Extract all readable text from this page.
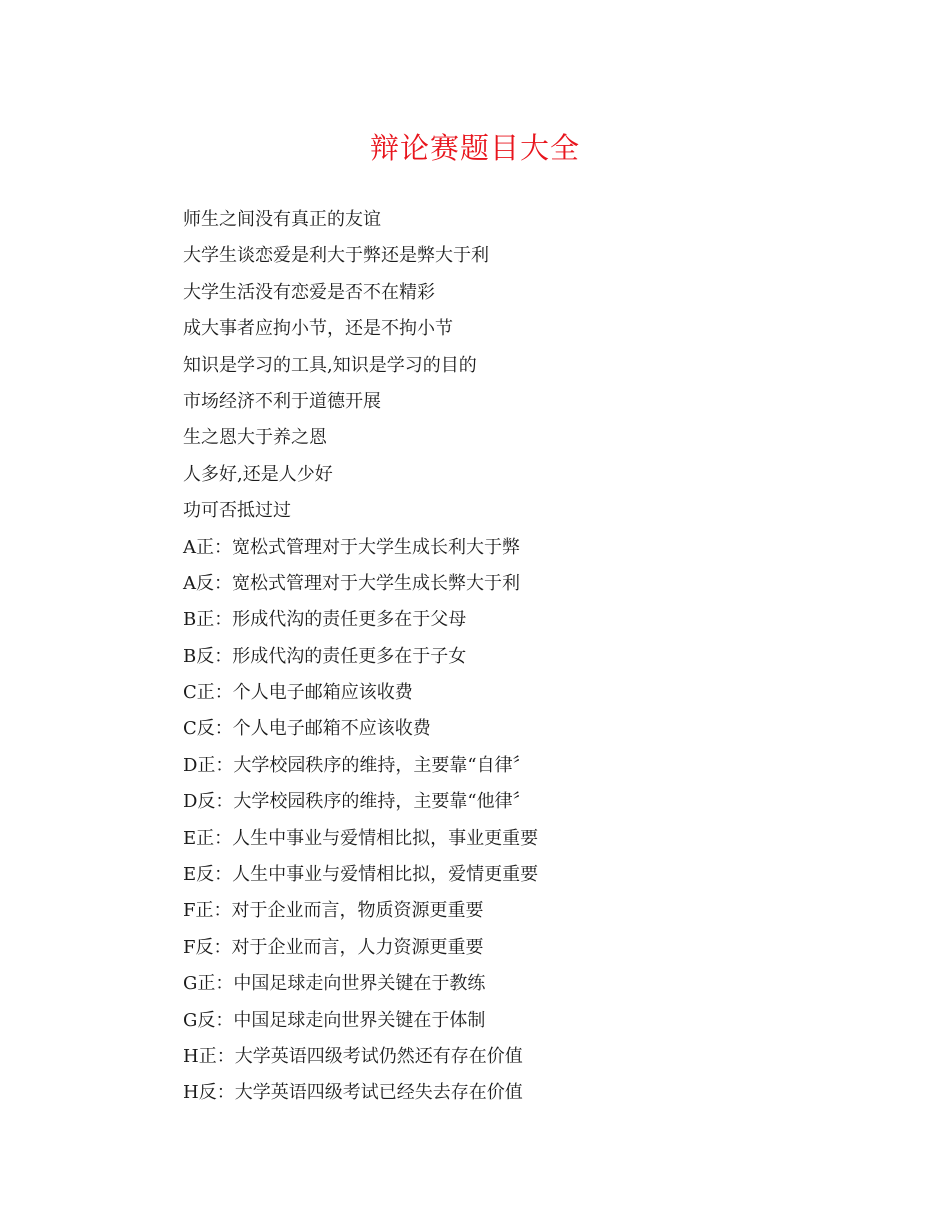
辩论赛题目大全
师生之间没有真正的友谊
大学生谈恋爱是利大于弊还是弊大于利
大学生活没有恋爱是否不在精彩
成大事者应拘小节，还是不拘小节
知识是学习的工具,知识是学习的目的
市场经济不利于道德开展
生之恩大于养之恩
人多好,还是人少好
功可否抵过过
A正：宽松式管理对于大学生成长利大于弊
A反：宽松式管理对于大学生成长弊大于利
B正：形成代沟的责任更多在于父母
B反：形成代沟的责任更多在于子女
C正：个人电子邮箱应该收费
C反：个人电子邮箱不应该收费
D正：大学校园秩序的维持，主要靠“自律〞
D反：大学校园秩序的维持，主要靠“他律〞
E正：人生中事业与爱情相比拟，事业更重要
E反：人生中事业与爱情相比拟，爱情更重要
F正：对于企业而言，物质资源更重要
F反：对于企业而言，人力资源更重要
G正：中国足球走向世界关键在于教练
G反：中国足球走向世界关键在于体制
H正：大学英语四级考试仍然还有存在价值
H反：大学英语四级考试已经失去存在价值
